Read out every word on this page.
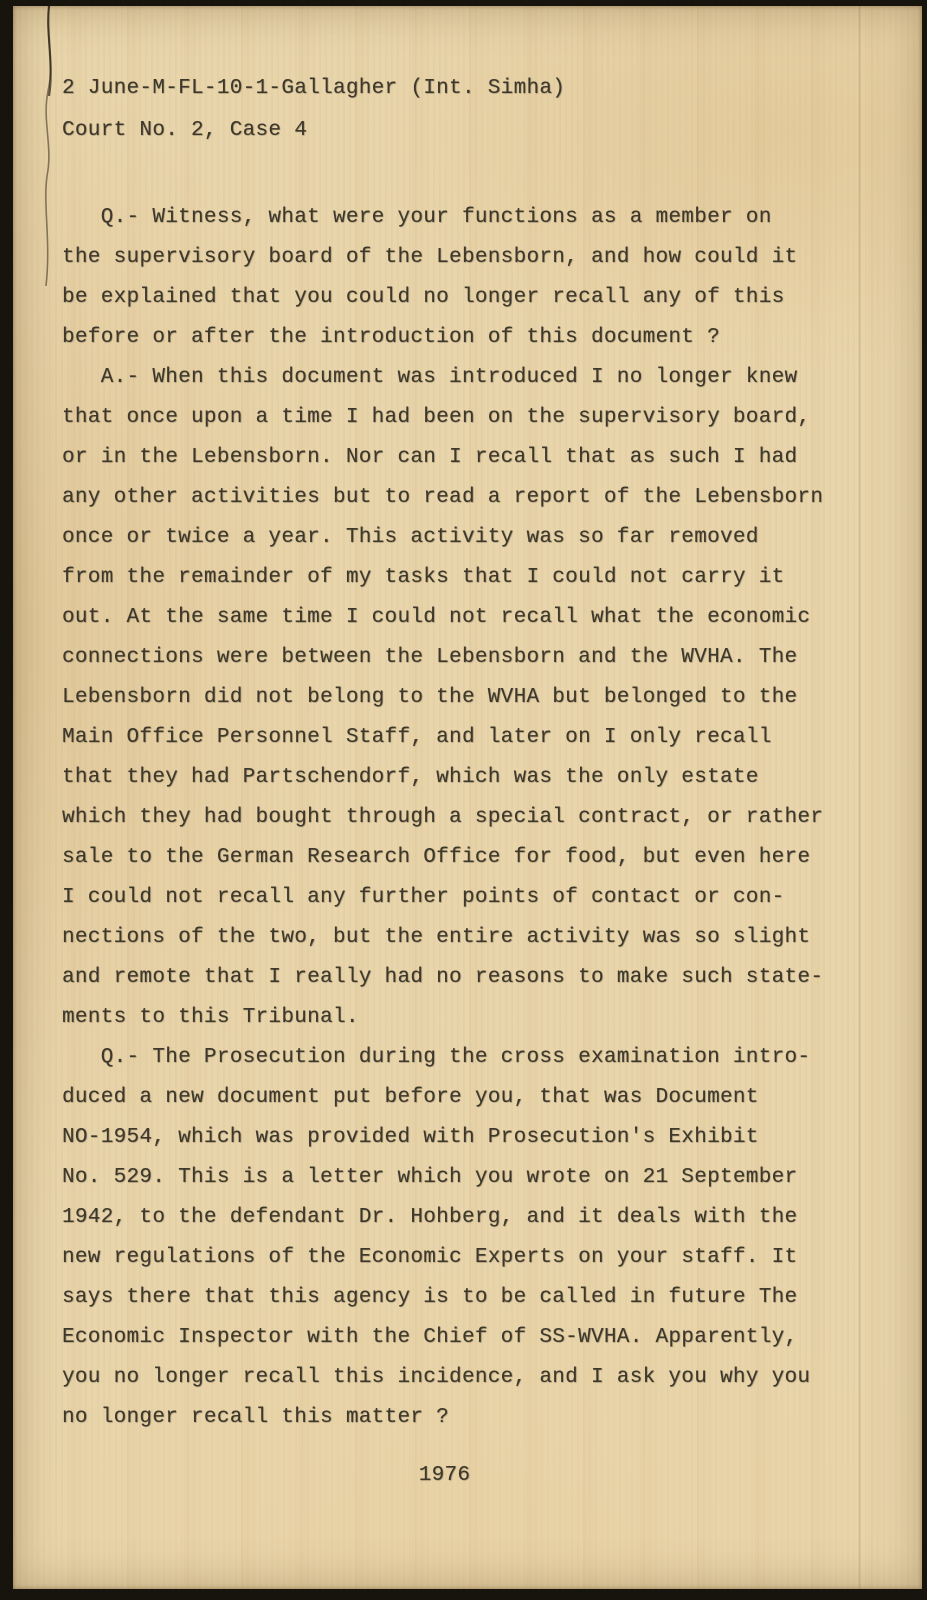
2 June-M-FL-10-1-Gallagher (Int. Simha)
Court No. 2, Case 4
Q.- Witness, what were your functions as a member on
the supervisory board of the Lebensborn, and how could it
be explained that you could no longer recall any of this
before or after the introduction of this document ?
A.- When this document was introduced I no longer knew
that once upon a time I had been on the supervisory board,
or in the Lebensborn. Nor can I recall that as such I had
any other activities but to read a report of the Lebensborn
once or twice a year. This activity was so far removed
from the remainder of my tasks that I could not carry it
out. At the same time I could not recall what the economic
connections were between the Lebensborn and the WVHA. The
Lebensborn did not belong to the WVHA but belonged to the
Main Office Personnel Staff, and later on I only recall
that they had Partschendorf, which was the only estate
which they had bought through a special contract, or rather
sale to the German Research Office for food, but even here
I could not recall any further points of contact or con-
nections of the two, but the entire activity was so slight
and remote that I really had no reasons to make such state-
ments to this Tribunal.
Q.- The Prosecution during the cross examination intro-
duced a new document put before you, that was Document
NO-1954, which was provided with Prosecution's Exhibit
No. 529. This is a letter which you wrote on 21 September
1942, to the defendant Dr. Hohberg, and it deals with the
new regulations of the Economic Experts on your staff. It
says there that this agency is to be called in future The
Economic Inspector with the Chief of SS-WVHA. Apparently,
you no longer recall this incidence, and I ask you why you
no longer recall this matter ?
1976
